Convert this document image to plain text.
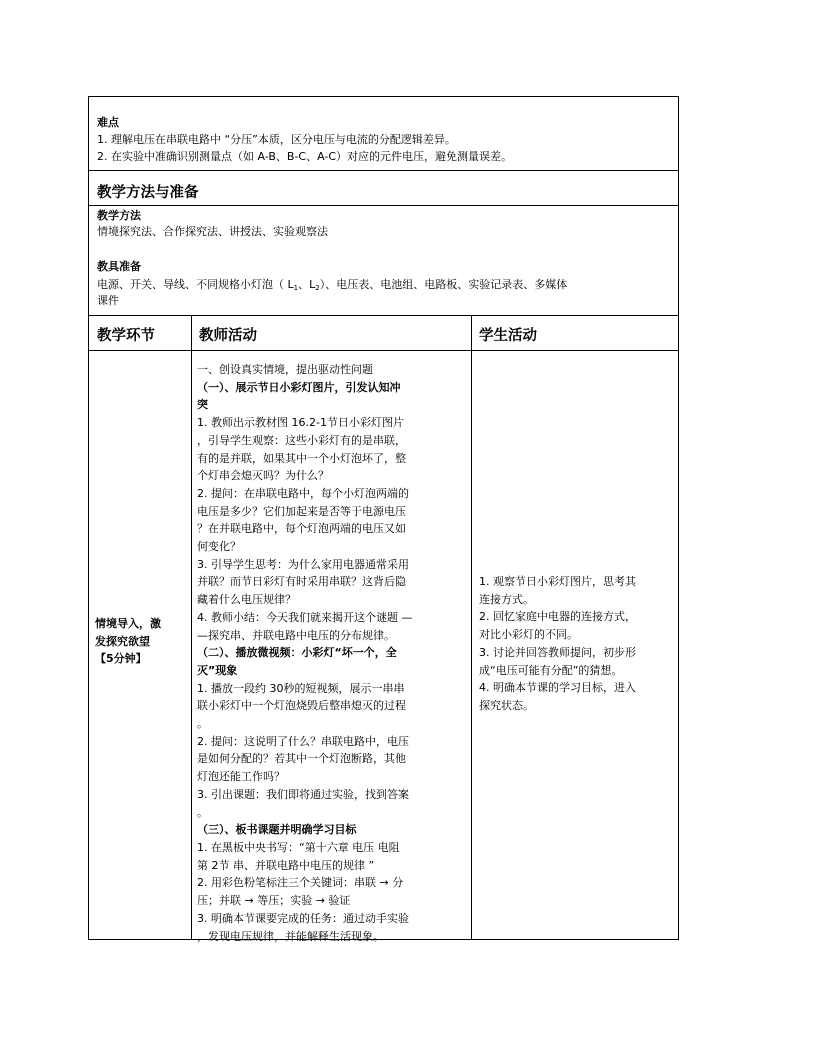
难点
1. 理解电压在串联电路中 “分压”本质，区分电压与电流的分配逻辑差异。
2. 在实验中准确识别测量点（如 A-B、B-C、A-C）对应的元件电压，避免测量误差。
教学方法与准备
教学方法
情境探究法、合作探究法、讲授法、实验观察法
教具准备
电源、开关、导线、不同规格小灯泡（ $L_1$、$L_2$）、电压表、电池组、电路板、实验记录表、多媒体
课件
教学环节	教师活动	学生活动

情境导入，激

发探究欲望

【5分钟】

一、创设真实情境，提出驱动性问题

（一）、展示节日小彩灯图片，引发认知冲

突

1. 教师出示教材图 16.2-1节日小彩灯图片

，引导学生观察：这些小彩灯有的是串联，

有的是并联，如果其中一个小灯泡坏了，整

个灯串会熄灭吗？为什么？

2. 提问：在串联电路中，每个小灯泡两端的

电压是多少？它们加起来是否等于电源电压

？在并联电路中，每个灯泡两端的电压又如

何变化？

3. 引导学生思考：为什么家用电器通常采用

并联？而节日彩灯有时采用串联？这背后隐

藏着什么电压规律？

4. 教师小结：今天我们就来揭开这个谜题 —

—探究串、并联电路中电压的分布规律。

（二）、播放微视频：小彩灯“坏一个，全

灭”现象

1. 播放一段约 30秒的短视频，展示一串串

联小彩灯中一个灯泡烧毁后整串熄灭的过程

。

2. 提问：这说明了什么？串联电路中，电压

是如何分配的？若其中一个灯泡断路，其他

灯泡还能工作吗？

3. 引出课题：我们即将通过实验，找到答案

。

（三）、板书课题并明确学习目标

1. 在黑板中央书写：“第十六章 电压 电阻

第 2节 串、并联电路中电压的规律 ”

2. 用彩色粉笔标注三个关键词：串联 → 分

压；并联 → 等压；实验 → 验证

3. 明确本节课要完成的任务：通过动手实验

，发现电压规律，并能解释生活现象。

1. 观察节日小彩灯图片，思考其

连接方式。

2. 回忆家庭中电器的连接方式，

对比小彩灯的不同。

3. 讨论并回答教师提问，初步形

成“电压可能有分配”的猜想。

4. 明确本节课的学习目标，进入

探究状态。
